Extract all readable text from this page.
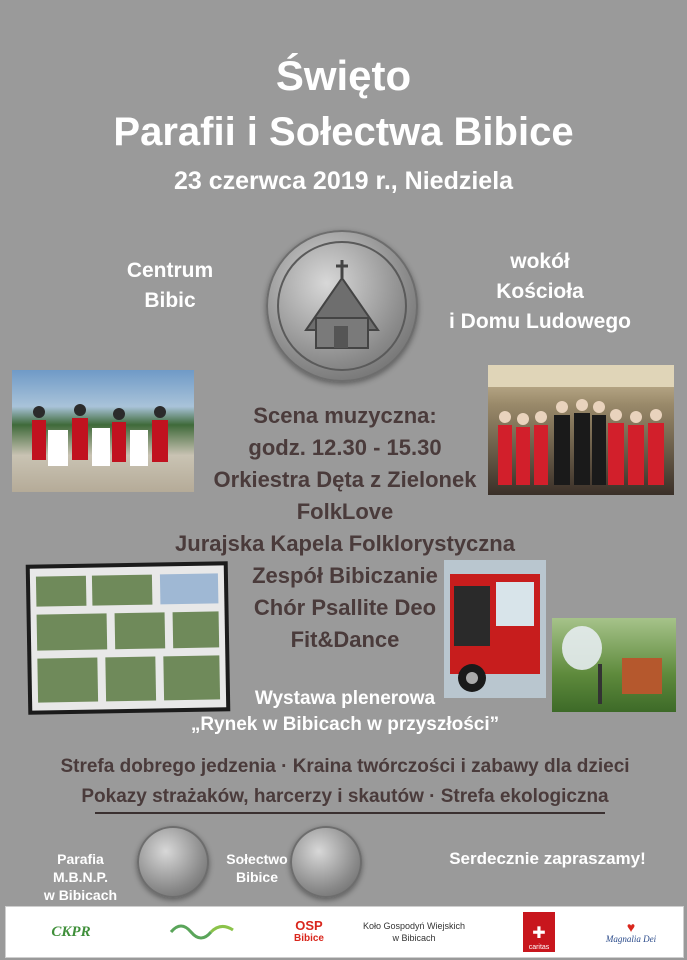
Święto
Parafii i Sołectwa Bibice
23 czerwca 2019 r., Niedziela
Centrum
Bibic
wokół
Kościoła
i Domu Ludowego
Scena muzyczna:
godz. 12.30 - 15.30
Orkiestra Dęta z Zielonek
FolkLove
Jurajska Kapela Folklorystyczna
Zespół Bibiczanie
Chór Psallite Deo
Fit&Dance
Wystawa plenerowa
„Rynek w Bibicach w przyszłości”
Strefa dobrego jedzenia · Kraina twórczości i zabawy dla dzieci
Pokazy strażaków, harcerzy i skautów · Strefa ekologiczna
Parafia M.B.N.P.
w Bibicach
Sołectwo
Bibice
Serdecznie zapraszamy!
CKPR	OSP
Bibice
Koło Gospodyń Wiejskich
w Bibicach	✚
caritas
♥
Magnalia Dei
